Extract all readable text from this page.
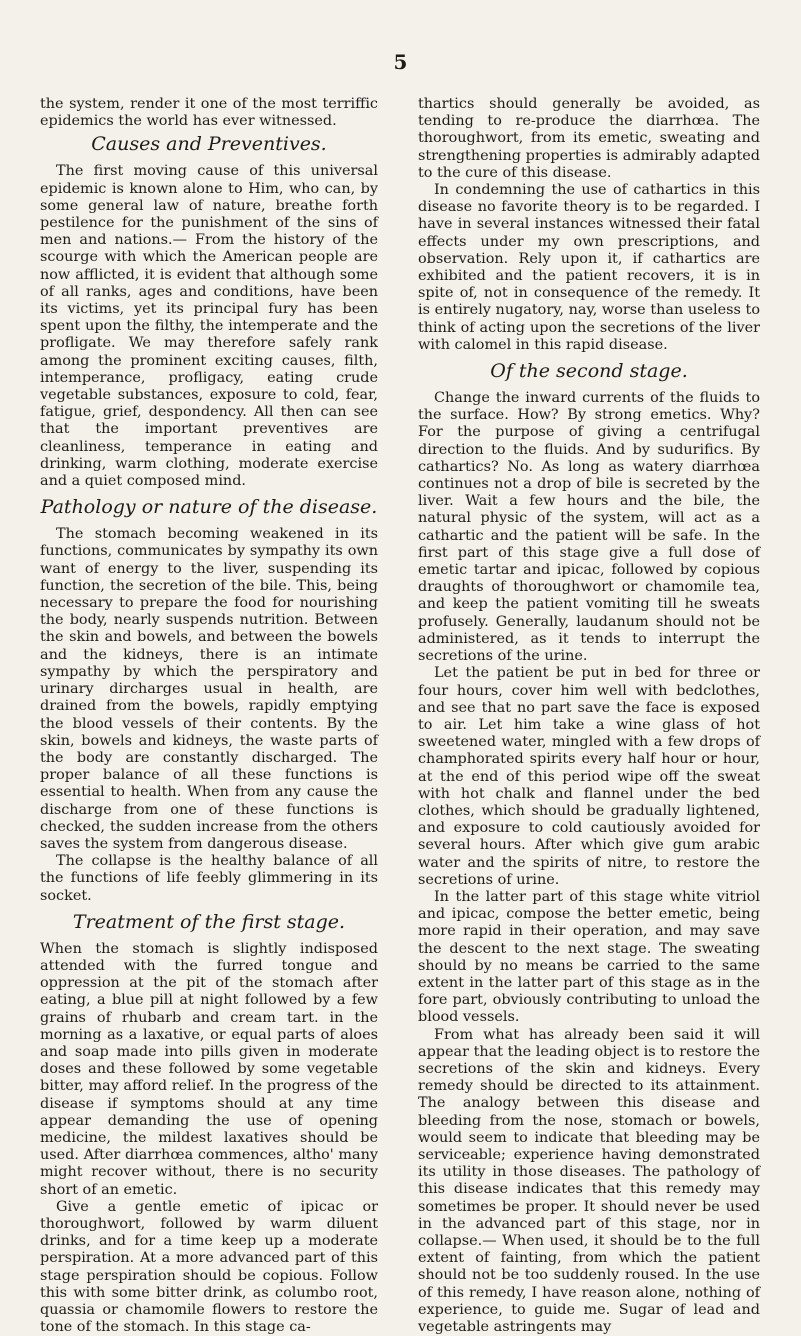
5

the system, render it one of the most terriffic epidemics the world has ever witnessed.

Causes and Preventives.

The first moving cause of this universal epidemic is known alone to Him, who can, by some general law of nature, breathe forth pestilence for the punishment of the sins of men and nations.— From the history of the scourge with which the American people are now afflicted, it is evident that although some of all ranks, ages and conditions, have been its victims, yet its principal fury has been spent upon the filthy, the intemperate and the profligate. We may therefore safely rank among the prominent exciting causes, filth, intemperance, profligacy, eating crude vegetable substances, exposure to cold, fear, fatigue, grief, despondency. All then can see that the important preventives are cleanliness, temperance in eating and drinking, warm clothing, moderate exercise and a quiet composed mind.

Pathology or nature of the disease.

The stomach becoming weakened in its functions, communicates by sympathy its own want of energy to the liver, suspending its function, the secretion of the bile. This, being necessary to prepare the food for nourishing the body, nearly suspends nutrition. Between the skin and bowels, and between the bowels and the kidneys, there is an intimate sympathy by which the perspiratory and urinary dircharges usual in health, are drained from the bowels, rapidly emptying the blood vessels of their contents. By the skin, bowels and kidneys, the waste parts of the body are constantly discharged. The proper balance of all these functions is essential to health. When from any cause the discharge from one of these functions is checked, the sudden increase from the others saves the system from dangerous disease.

The collapse is the healthy balance of all the functions of life feebly glimmering in its socket.

Treatment of the first stage.

When the stomach is slightly indisposed attended with the furred tongue and oppression at the pit of the stomach after eating, a blue pill at night followed by a few grains of rhubarb and cream tart. in the morning as a laxative, or equal parts of aloes and soap made into pills given in moderate doses and these followed by some vegetable bitter, may afford relief. In the progress of the disease if symptoms should at any time appear demanding the use of opening medicine, the mildest laxatives should be used. After diarrhœa commences, altho' many might recover without, there is no security short of an emetic.

Give a gentle emetic of ipicac or thoroughwort, followed by warm diluent drinks, and for a time keep up a moderate perspiration. At a more advanced part of this stage perspiration should be copious. Follow this with some bitter drink, as columbo root, quassia or chamomile flowers to restore the tone of the stomach. In this stage ca-

thartics should generally be avoided, as tending to re-produce the diarrhœa. The thoroughwort, from its emetic, sweating and strengthening properties is admirably adapted to the cure of this disease.

In condemning the use of cathartics in this disease no favorite theory is to be regarded. I have in several instances witnessed their fatal effects under my own prescriptions, and observation. Rely upon it, if cathartics are exhibited and the patient recovers, it is in spite of, not in consequence of the remedy. It is entirely nugatory, nay, worse than useless to think of acting upon the secretions of the liver with calomel in this rapid disease.

Of the second stage.

Change the inward currents of the fluids to the surface. How? By strong emetics. Why? For the purpose of giving a centrifugal direction to the fluids. And by sudurifics. By cathartics? No. As long as watery diarrhœa continues not a drop of bile is secreted by the liver. Wait a few hours and the bile, the natural physic of the system, will act as a cathartic and the patient will be safe. In the first part of this stage give a full dose of emetic tartar and ipicac, followed by copious draughts of thoroughwort or chamomile tea, and keep the patient vomiting till he sweats profusely. Generally, laudanum should not be administered, as it tends to interrupt the secretions of the urine.

Let the patient be put in bed for three or four hours, cover him well with bedclothes, and see that no part save the face is exposed to air. Let him take a wine glass of hot sweetened water, mingled with a few drops of champhorated spirits every half hour or hour, at the end of this period wipe off the sweat with hot chalk and flannel under the bed clothes, which should be gradually lightened, and exposure to cold cautiously avoided for several hours. After which give gum arabic water and the spirits of nitre, to restore the secretions of urine.

In the latter part of this stage white vitriol and ipicac, compose the better emetic, being more rapid in their operation, and may save the descent to the next stage. The sweating should by no means be carried to the same extent in the latter part of this stage as in the fore part, obviously contributing to unload the blood vessels.

From what has already been said it will appear that the leading object is to restore the secretions of the skin and kidneys. Every remedy should be directed to its attainment. The analogy between this disease and bleeding from the nose, stomach or bowels, would seem to indicate that bleeding may be serviceable; experience having demonstrated its utility in those diseases. The pathology of this disease indicates that this remedy may sometimes be proper. It should never be used in the advanced part of this stage, nor in collapse.— When used, it should be to the full extent of fainting, from which the patient should not be too suddenly roused. In the use of this remedy, I have reason alone, nothing of experience, to guide me. Sugar of lead and vegetable astringents may
